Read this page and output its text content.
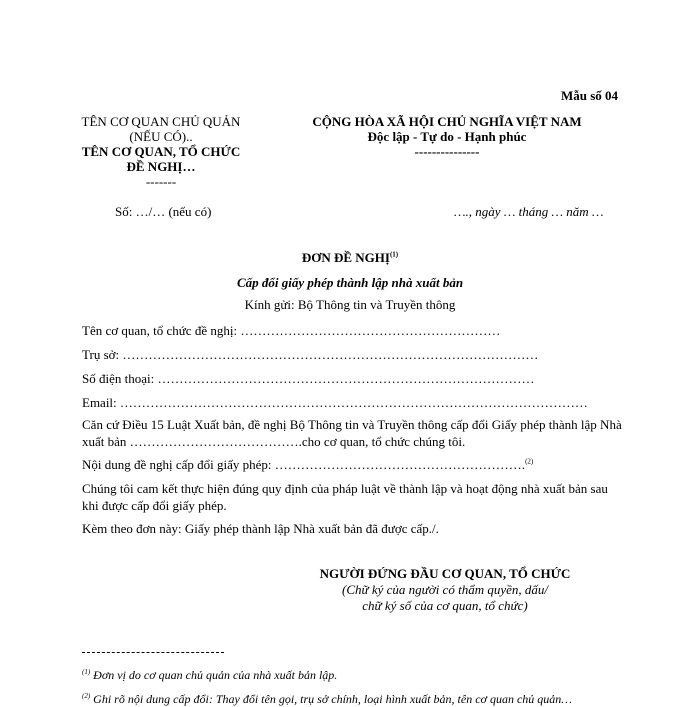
Mẫu số 04
TÊN CƠ QUAN CHỦ QUẢN
(NẾU CÓ)..
TÊN CƠ QUAN, TỔ CHỨC
ĐỀ NGHỊ…
-------
CỘNG HÒA XÃ HỘI CHỦ NGHĨA VIỆT NAM
Độc lập - Tự do - Hạnh phúc
---------------
Số: …/… (nếu có)	…., ngày … tháng … năm …
ĐƠN ĐỀ NGHỊ$^{(1)}$
Cấp đổi giấy phép thành lập nhà xuất bản
Kính gửi: Bộ Thông tin và Truyền thông
Tên cơ quan, tổ chức đề nghị: ……………………………………………………
Trụ sở: ……………………………………………………………………………………
Số điện thoại: ……………………………………………………………………………
Email: ………………………………………………………………………………………………
Căn cứ Điều 15 Luật Xuất bản, đề nghị Bộ Thông tin và Truyền thông cấp đổi Giấy phép thành lập Nhà xuất bản ………………………………….cho cơ quan, tổ chức chúng tôi.
Nội dung đề nghị cấp đổi giấy phép: ………………………………………………….$^{(2)}$
Chúng tôi cam kết thực hiện đúng quy định của pháp luật về thành lập và hoạt động nhà xuất bản sau khi được cấp đổi giấy phép.
Kèm theo đơn này: Giấy phép thành lập Nhà xuất bản đã được cấp./.
NGƯỜI ĐỨNG ĐẦU CƠ QUAN, TỔ CHỨC
(Chữ ký của người có thẩm quyền, dấu/
chữ ký số của cơ quan, tổ chức)
$^{(1)}$ Đơn vị do cơ quan chủ quản của nhà xuất bản lập.
$^{(2)}$ Ghi rõ nội dung cấp đổi: Thay đổi tên gọi, trụ sở chính, loại hình xuất bản, tên cơ quan chủ quản…
